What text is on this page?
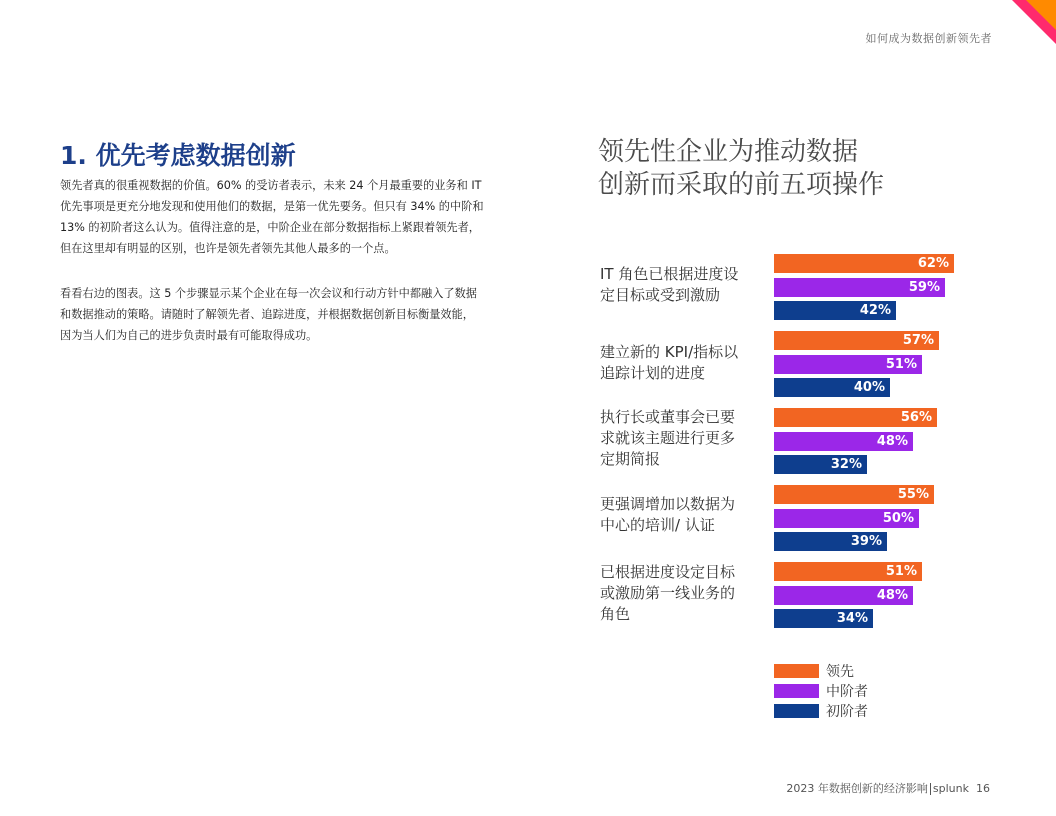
如何成为数据创新领先者
1. 优先考虑数据创新

领先者真的很重视数据的价值。60% 的受访者表示，未来 24 个月最重要的业务和 IT 优先事项是更充分地发现和使用他们的数据，是第一优先要务。但只有 34% 的中阶和 13% 的初阶者这么认为。值得注意的是，中阶企业在部分数据指标上紧跟着领先者，但在这里却有明显的区别，也许是领先者领先其他人最多的一个点。

看看右边的图表。这 5 个步骤显示某个企业在每一次会议和行动方针中都融入了数据和数据推动的策略。请随时了解领先者、追踪进度，并根据数据创新目标衡量效能，因为当人们为自己的进步负责时最有可能取得成功。

领先性企业为推动数据
创新而采取的前五项操作
IT 角色已根据进度设
定目标或受到激励
62%
59%
42%
建立新的 KPI/指标以
追踪计划的进度
57%
51%
40%
执行长或董事会已要
求就该主题进行更多
定期简报
56%
48%
32%
更强调增加以数据为
中心的培训/ 认证
55%
50%
39%
已根据进度设定目标
或激励第一线业务的
角色
51%
48%
34%
领先
中阶者
初阶者
2023 年数据创新的经济影响 splunk 16
